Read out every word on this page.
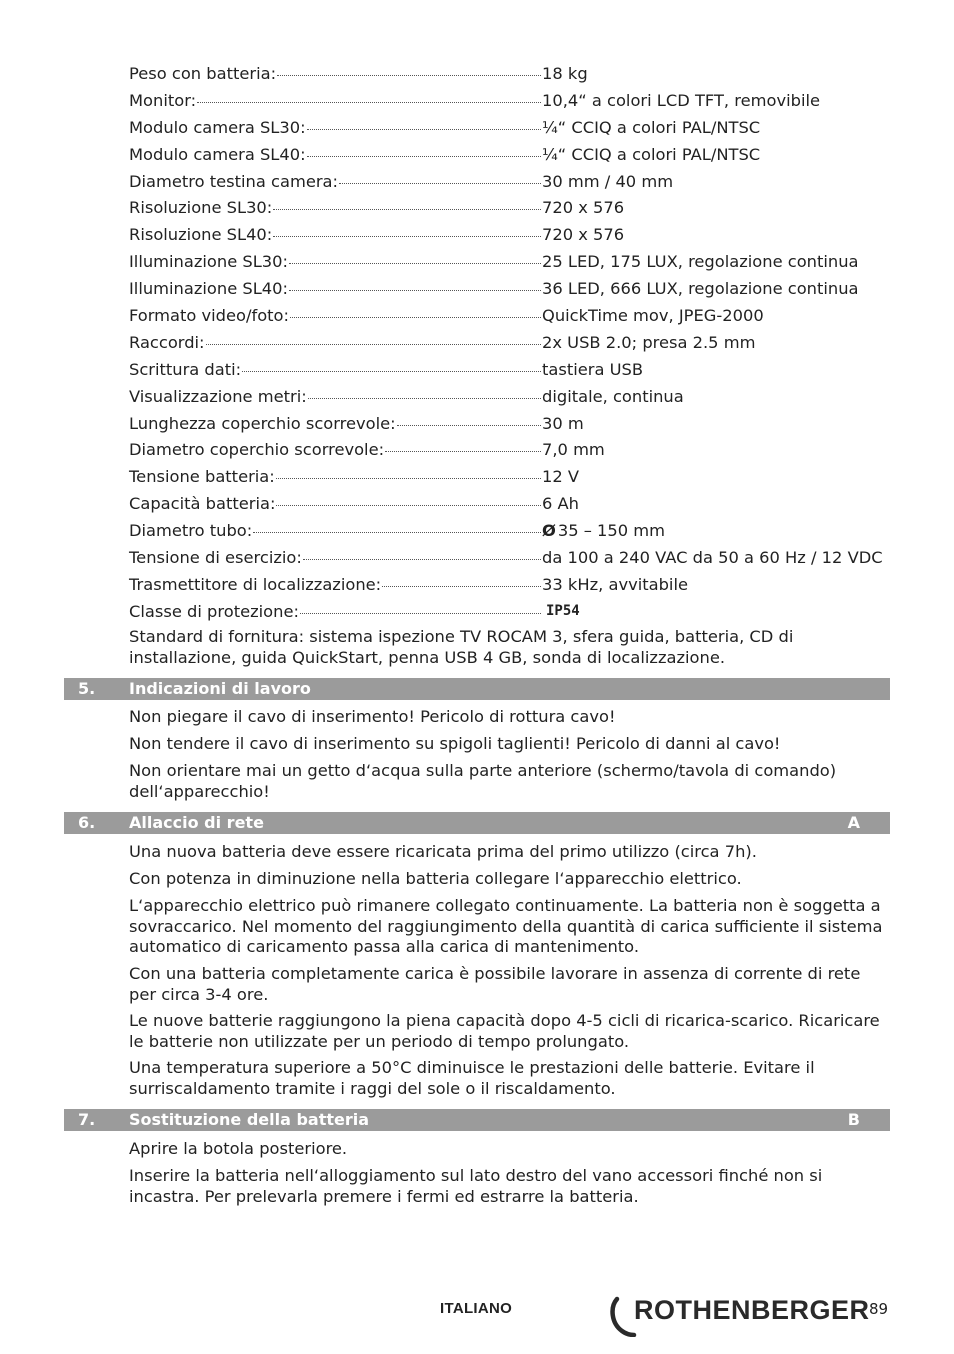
Peso con batteria:	18 kg
Monitor:	10,4“ a colori LCD TFT, removibile
Modulo camera SL30:	¼“ CCIQ a colori PAL/NTSC
Modulo camera SL40:	¼“ CCIQ a colori PAL/NTSC
Diametro testina camera:	30 mm / 40 mm
Risoluzione SL30:	720 x 576
Risoluzione SL40:	720 x 576
Illuminazione SL30:	25 LED, 175 LUX, regolazione continua
Illuminazione SL40:	36 LED, 666 LUX, regolazione continua
Formato video/foto:	QuickTime mov, JPEG-2000
Raccordi:	2x USB 2.0; presa 2.5 mm
Scrittura dati:	tastiera USB
Visualizzazione metri:	digitale, continua
Lunghezza coperchio scorrevole:	30 m
Diametro coperchio scorrevole:	7,0 mm
Tensione batteria:	12 V
Capacità batteria:	6 Ah
Diametro tubo:	Ø 35 – 150 mm
Tensione di esercizio:	da 100 a 240 VAC da 50 a 60 Hz / 12 VDC
Trasmettitore di localizzazione:	33 kHz, avvitabile
Classe di protezione:	IP54
Standard di fornitura: sistema ispezione TV ROCAM 3, sfera guida, batteria, CD di installazione, guida QuickStart, penna USB 4 GB, sonda di localizzazione.
5. Indicazioni di lavoro
Non piegare il cavo di inserimento! Pericolo di rottura cavo!
Non tendere il cavo di inserimento su spigoli taglienti! Pericolo di danni al cavo!
Non orientare mai un getto d‘acqua sulla parte anteriore (schermo/tavola di comando) dell‘apparecchio!
6. Allaccio di rete	A
Una nuova batteria deve essere ricaricata prima del primo utilizzo (circa 7h).
Con potenza in diminuzione nella batteria collegare l‘apparecchio elettrico.
L‘apparecchio elettrico può rimanere collegato continuamente. La batteria non è soggetta a sovraccarico. Nel momento del raggiungimento della quantità di carica sufficiente il sistema automatico di caricamento passa alla carica di mantenimento.
Con una batteria completamente carica è possibile lavorare in assenza di corrente di rete per circa 3-4 ore.
Le nuove batterie raggiungono la piena capacità dopo 4-5 cicli di ricarica-scarico. Ricaricare le batterie non utilizzate per un periodo di tempo prolungato.
Una temperatura superiore a 50°C diminuisce le prestazioni delle batterie. Evitare il surriscaldamento tramite i raggi del sole o il riscaldamento.
7. Sostituzione della batteria	B
Aprire la botola posteriore.
Inserire la batteria nell‘alloggiamento sul lato destro del vano accessori finché non si incastra. Per prelevarla premere i fermi ed estrarre la batteria.
ITALIANO	ROTHENBERGER 89
